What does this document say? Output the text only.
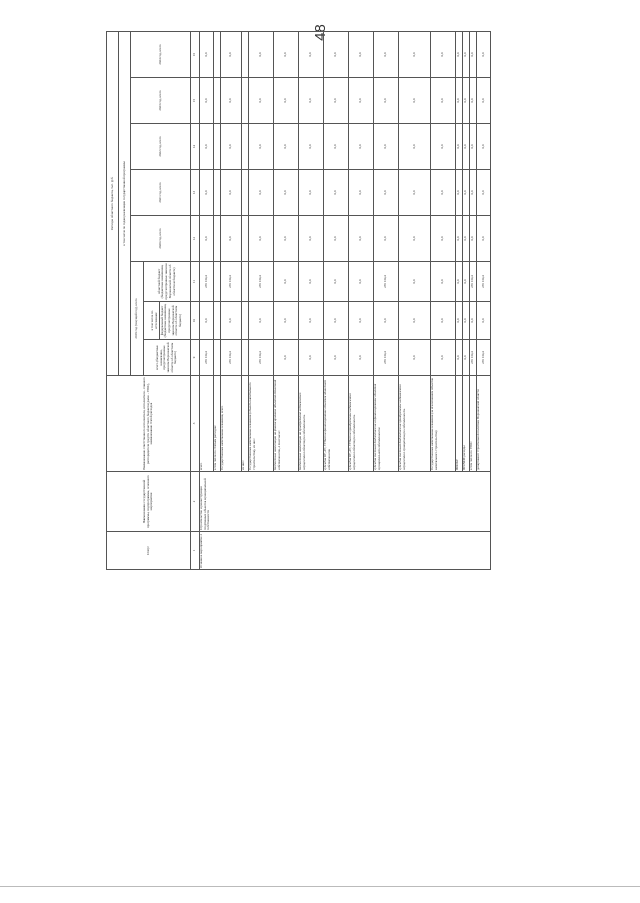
48
Статус	Наименование государственной программы, подпрограммы, основного мероприятия	Наименование ответственного исполнителя, исполнителя - главного распорядителя средств областного бюджета (далее - ГРБС), наименование статей расходов	Расходы областного бюджета, тыс. руб.							
			в том числе по годам реализации государственной программы							
			2019 год (текущий год), всего			2020 год, всего	2021 год, всего	2022 год, всего	2023 год, всего	2024 год, всего
			всего (бюджетные назначения, предусмотренные законом Воронежской области об областном бюджете)	в том числе по источникам: федеральный бюджет (бюджетные назначения, предусмотренные законом Воронежской области об областном бюджете)	областной бюджет (бюджетные назначения, предусмотренные законом Воронежской области об областном бюджете)					
1	2	3	9	10	11	12	13	14	15	16
Основное мероприятие 2	Строительство и реконструкция спортивных объектов муниципальной собственности	всего	235 134,4	0,0	235 134,4	0,0	0,0	0,0	0,0	0,0
		в том числе по статьям расходов:								
		Государственные капитальные вложения, всего	235 134,4	0,0	235 134,4	0,0	0,0	0,0	0,0	0,0
		из них:								
		Государственные капитальные вложения (объекты капитального строительства), из них:	235 134,4	0,0	235 134,4	0,0	0,0	0,0	0,0	0,0
		бюджетные инвестиции на финансирование объектов областной собственности, в том числе:	0,0	0,0	0,0	0,0	0,0	0,0	0,0	0,0
		бюджетные инвестиции на приобретение недвижимого имущества в областную собственность	0,0	0,0	0,0	0,0	0,0	0,0	0,0	0,0
		субсидии БУ, АУ, ГУПам на финансирование объектов областной собственности	0,0	0,0	0,0	0,0	0,0	0,0	0,0	0,0
		субсидии БУ, АУ, ГУПам на приобретение недвижимого имущества в областную собственность	0,0	0,0	0,0	0,0	0,0	0,0	0,0	0,0
		субсидии местным бюджетам на софинансирование объектов муниципальной собственности	235 134,4	0,0	235 134,4	0,0	0,0	0,0	0,0	0,0
		субсидии местным бюджетам на приобретение недвижимого имущества в муниципальную собственность	0,0	0,0	0,0	0,0	0,0	0,0	0,0	0,0
		Государственные капитальные вложения (за исключением объектов капитального строительства)	0,0	0,0	0,0	0,0	0,0	0,0	0,0	0,0
		НИОКР	0,0	0,0	0,0	0,0	0,0	0,0	0,0	0,0
		ПРОЧИЕ расходы	0,0	0,0	0,0	0,0	0,0	0,0	0,0	0,0
		в том числе по ГРБС:	235 134,4	0,0	235 134,4	0,0	0,0	0,0	0,0	0,0
		департамент строительной политики Воронежской области	235 134,4	0,0	235 134,4	0,0	0,0	0,0	0,0	0,0
